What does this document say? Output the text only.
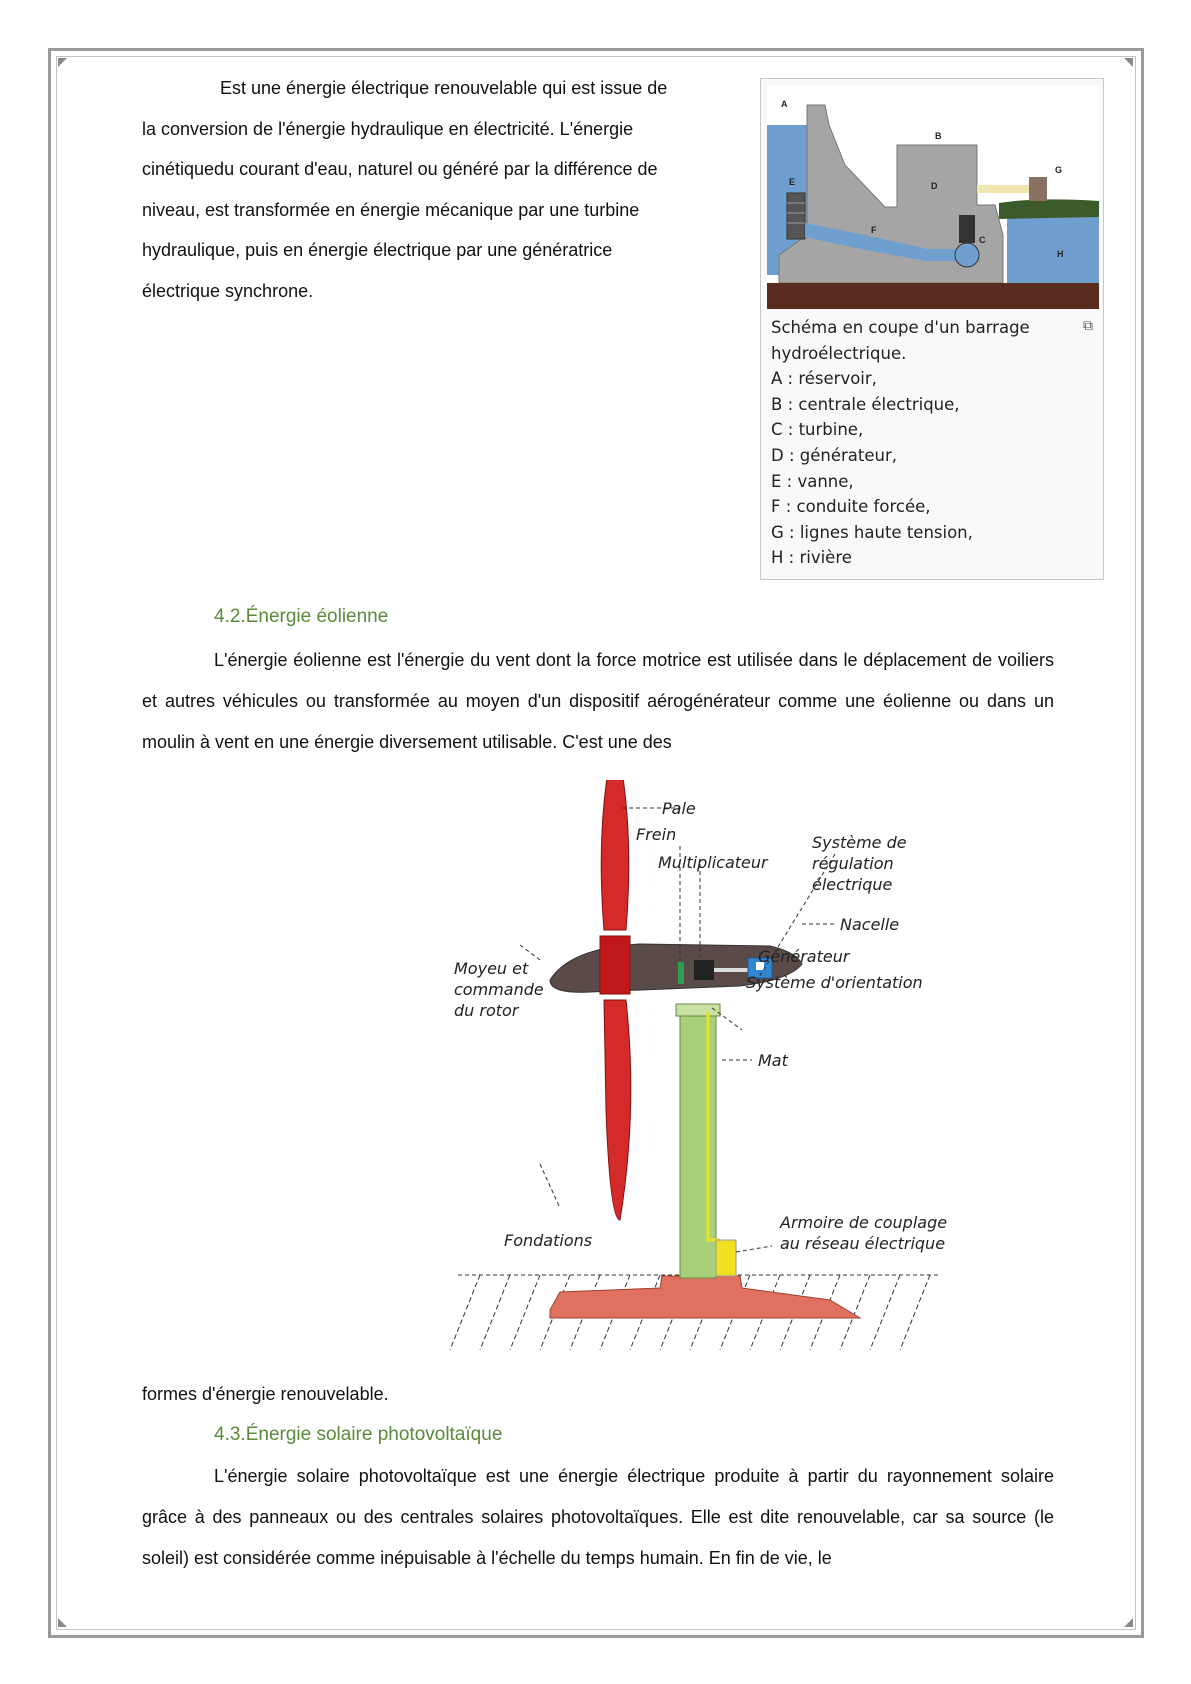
Est une énergie électrique renouvelable qui est issue de
la conversion de l'énergie hydraulique en électricité. L'énergie
cinétiquedu courant d'eau, naturel ou généré par la différence de
niveau, est transformée en énergie mécanique par une turbine
hydraulique, puis en énergie électrique par une génératrice
électrique synchrone.
A
B
C
D
E
F
G
H
⧉
Schéma en coupe d'un barrage hydroélectrique.
A : réservoir,
B : centrale électrique,
C : turbine,
D : générateur,
E : vanne,
F : conduite forcée,
G : lignes haute tension,
H : rivière
4.2.Énergie éolienne
L'énergie éolienne est l'énergie du vent dont la force motrice est utilisée dans le déplacement de voiliers et autres véhicules ou transformée au moyen d'un dispositif aérogénérateur comme une éolienne ou dans un moulin à vent en une énergie diversement utilisable. C'est une des
Pale
Frein
Multiplicateur
Système de
régulation
électrique
Nacelle
Générateur
Système d'orientation
Moyeu et
commande
du rotor
Mat
Armoire de couplage
au réseau électrique
Fondations
formes d'énergie renouvelable.
4.3.Énergie solaire photovoltaïque
L'énergie solaire photovoltaïque est une énergie électrique produite à partir du rayonnement solaire grâce à des panneaux ou des centrales solaires photovoltaïques. Elle est dite renouvelable, car sa source (le soleil) est considérée comme inépuisable à l'échelle du temps humain. En fin de vie, le
